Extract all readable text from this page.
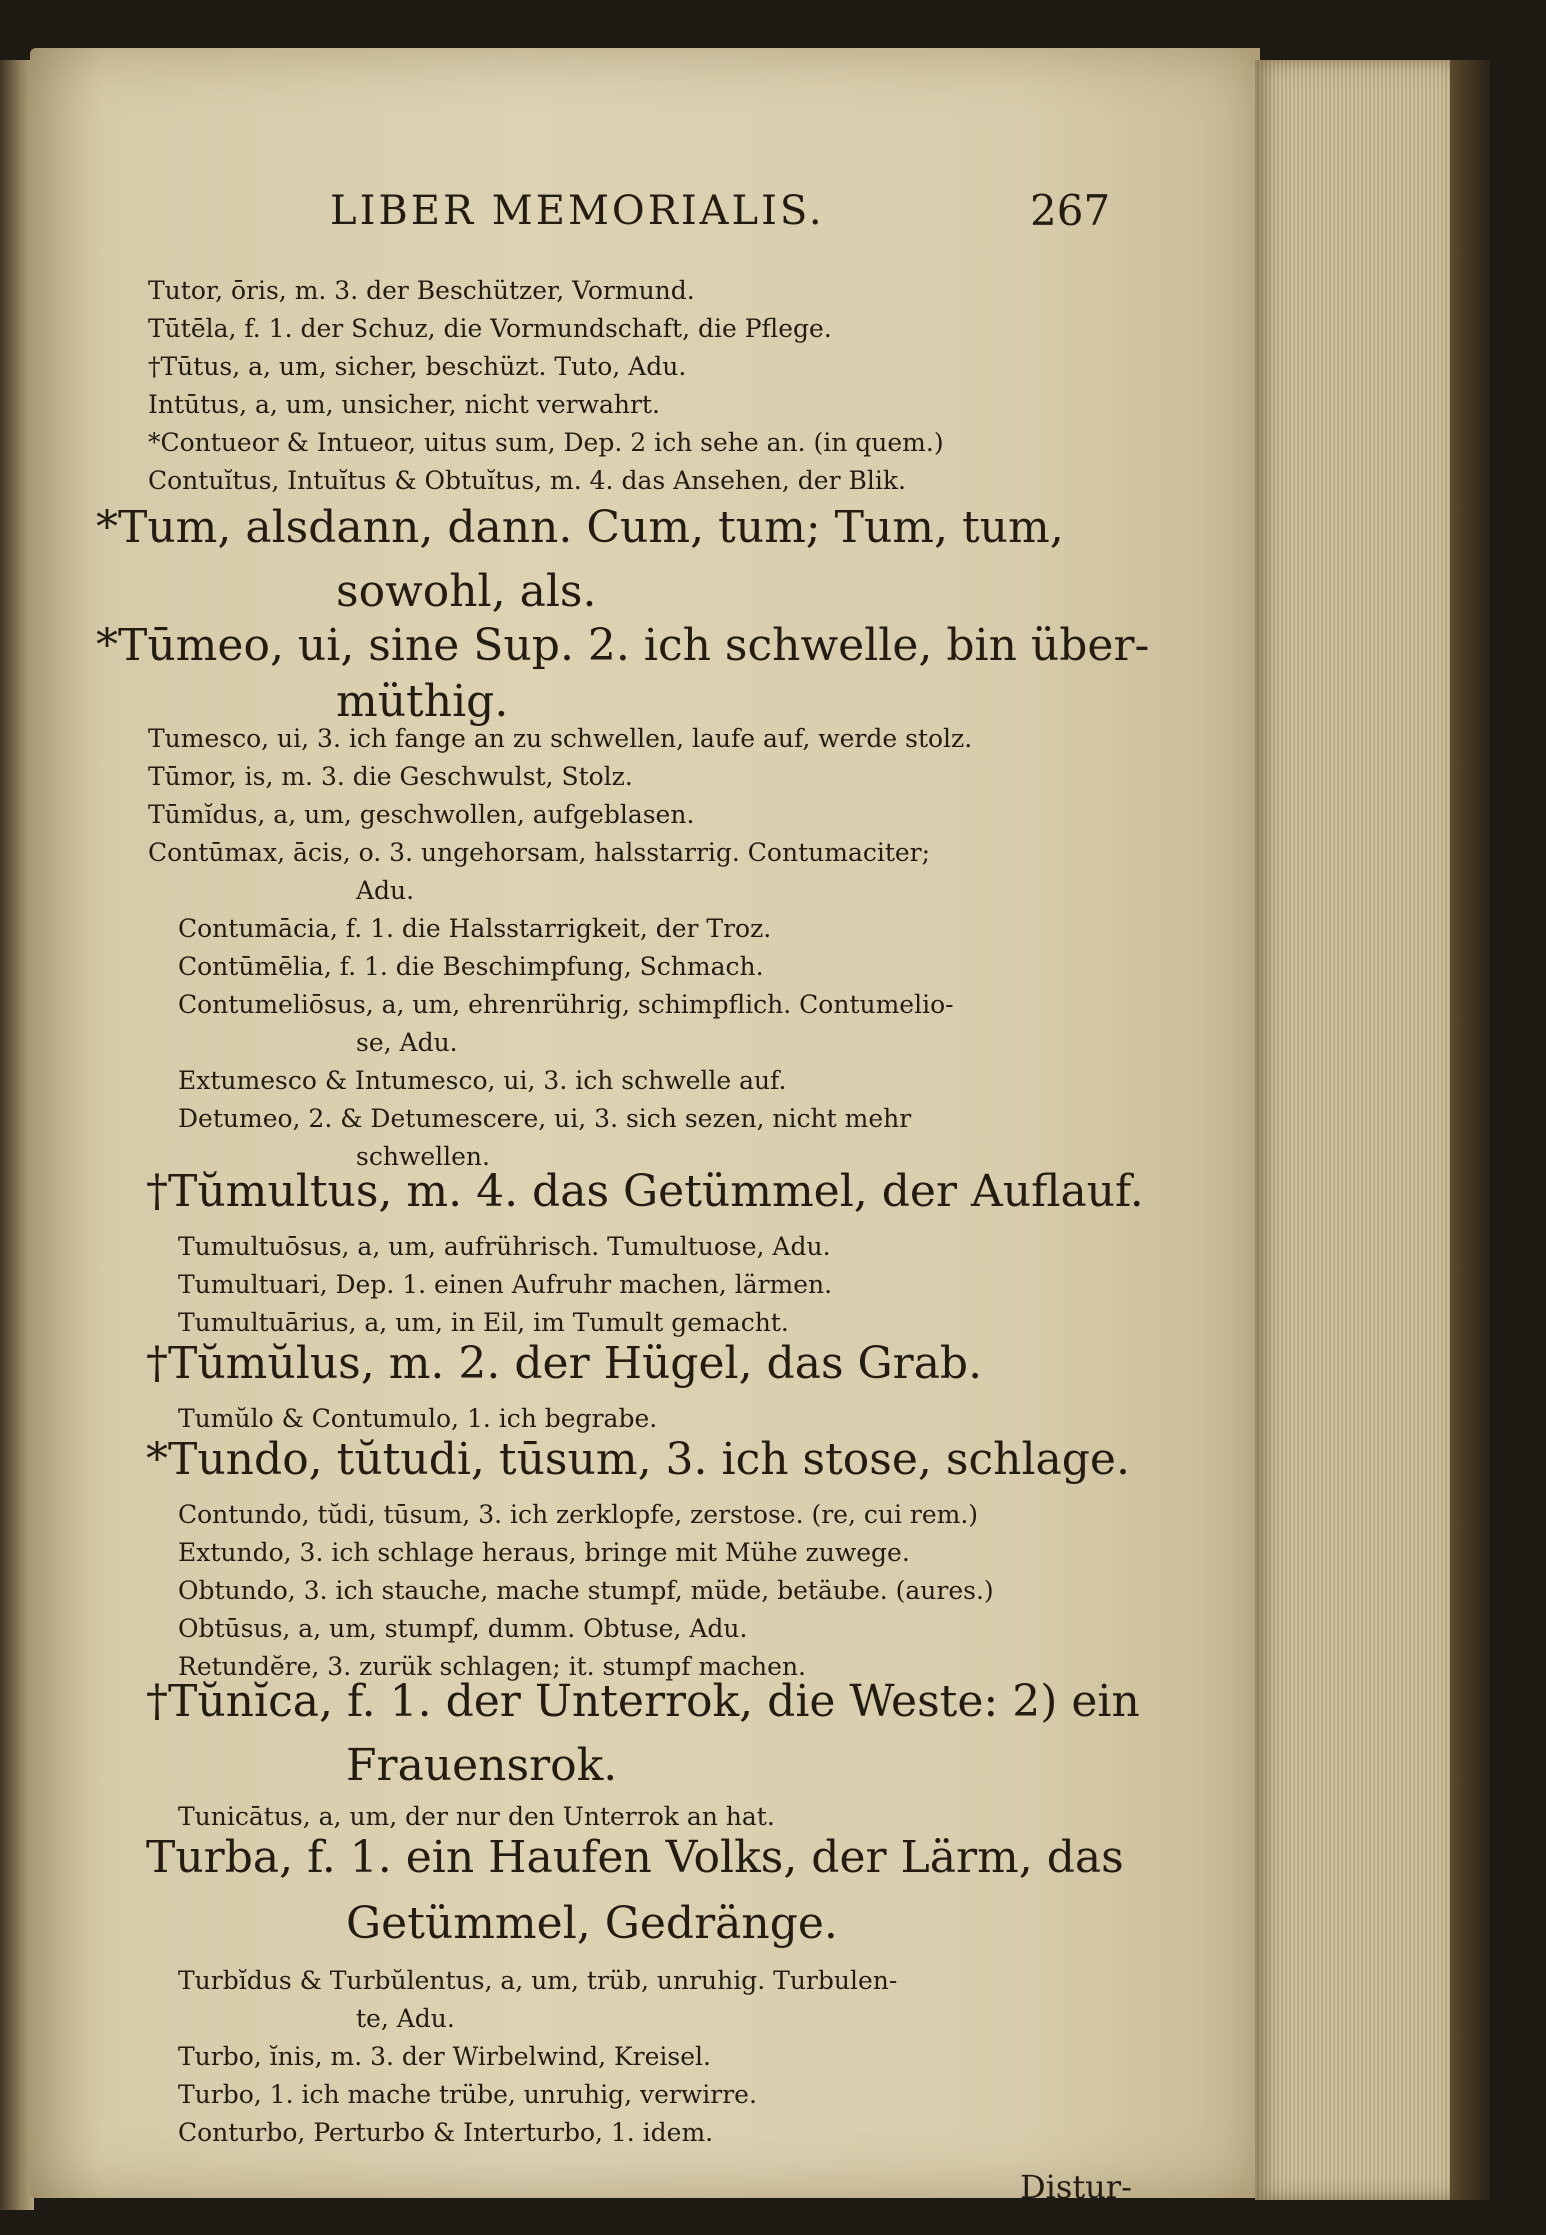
LIBER MEMORIALIS.	267

Tutor, ōris, m. 3. der Beschützer, Vormund.

Tūtēla, f. 1. der Schuz, die Vormundschaft, die Pflege.

†Tūtus, a, um, sicher, beschüzt. Tuto, Adu.

Intūtus, a, um, unsicher, nicht verwahrt.

*Contueor & Intueor, uitus sum, Dep. 2 ich sehe an. (in quem.)

Contuĭtus, Intuĭtus & Obtuĭtus, m. 4. das Ansehen, der Blik.

*Tum, alsdann, dann. Cum, tum; Tum, tum,

sowohl, als.

*Tūmeo, ui, sine Sup. 2. ich schwelle, bin über-

müthig.

Tumesco, ui, 3. ich fange an zu schwellen, laufe auf, werde stolz.

Tūmor, is, m. 3. die Geschwulst, Stolz.

Tūmĭdus, a, um, geschwollen, aufgeblasen.

Contūmax, ācis, o. 3. ungehorsam, halsstarrig. Contumaciter;

Adu.

Contumācia, f. 1. die Halsstarrigkeit, der Troz.

Contūmēlia, f. 1. die Beschimpfung, Schmach.

Contumeliōsus, a, um, ehrenrührig, schimpflich. Contumelio-

se, Adu.

Extumesco & Intumesco, ui, 3. ich schwelle auf.

Detumeo, 2. & Detumescere, ui, 3. sich sezen, nicht mehr

schwellen.

†Tŭmultus, m. 4. das Getümmel, der Auflauf.

Tumultuōsus, a, um, aufrührisch. Tumultuose, Adu.

Tumultuari, Dep. 1. einen Aufruhr machen, lärmen.

Tumultuārius, a, um, in Eil, im Tumult gemacht.

†Tŭmŭlus, m. 2. der Hügel, das Grab.

Tumŭlo & Contumulo, 1. ich begrabe.

*Tundo, tŭtudi, tūsum, 3. ich stose, schlage.

Contundo, tŭdi, tūsum, 3. ich zerklopfe, zerstose. (re, cui rem.)

Extundo, 3. ich schlage heraus, bringe mit Mühe zuwege.

Obtundo, 3. ich stauche, mache stumpf, müde, betäube. (aures.)

Obtūsus, a, um, stumpf, dumm. Obtuse, Adu.

Retundĕre, 3. zurük schlagen; it. stumpf machen.

†Tŭnĭca, f. 1. der Unterrok, die Weste: 2) ein

Frauensrok.

Tunicātus, a, um, der nur den Unterrok an hat.

Turba, f. 1. ein Haufen Volks, der Lärm, das

Getümmel, Gedränge.

Turbĭdus & Turbŭlentus, a, um, trüb, unruhig. Turbulen-

te, Adu.

Turbo, ĭnis, m. 3. der Wirbelwind, Kreisel.

Turbo, 1. ich mache trübe, unruhig, verwirre.

Conturbo, Perturbo & Interturbo, 1. idem.

Distur-
